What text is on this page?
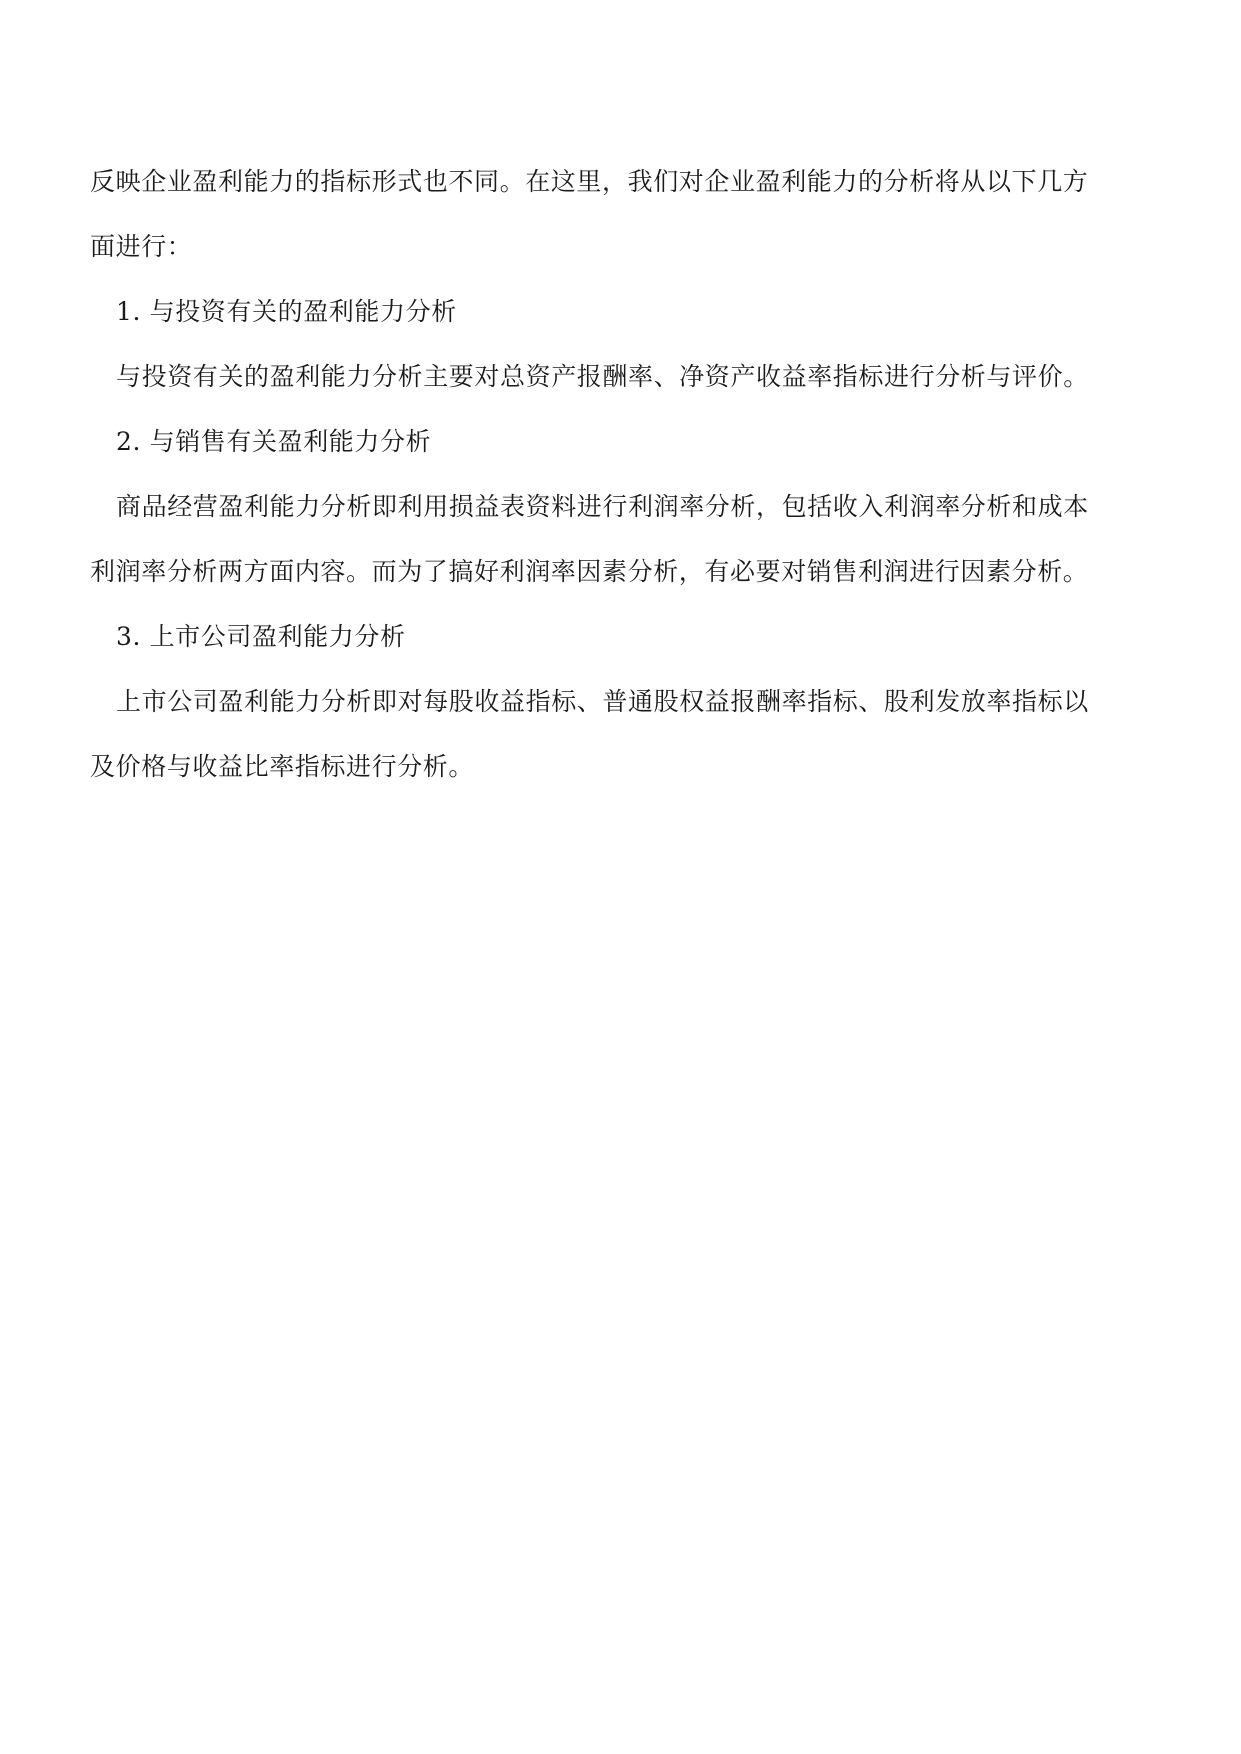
反映企业盈利能力的指标形式也不同。在这里，我们对企业盈利能力的分析将从以下几方
面进行：
1. 与投资有关的盈利能力分析
与投资有关的盈利能力分析主要对总资产报酬率、净资产收益率指标进行分析与评价。
2. 与销售有关盈利能力分析
商品经营盈利能力分析即利用损益表资料进行利润率分析，包括收入利润率分析和成本
利润率分析两方面内容。而为了搞好利润率因素分析，有必要对销售利润进行因素分析。
3. 上市公司盈利能力分析
上市公司盈利能力分析即对每股收益指标、普通股权益报酬率指标、股利发放率指标以
及价格与收益比率指标进行分析。
